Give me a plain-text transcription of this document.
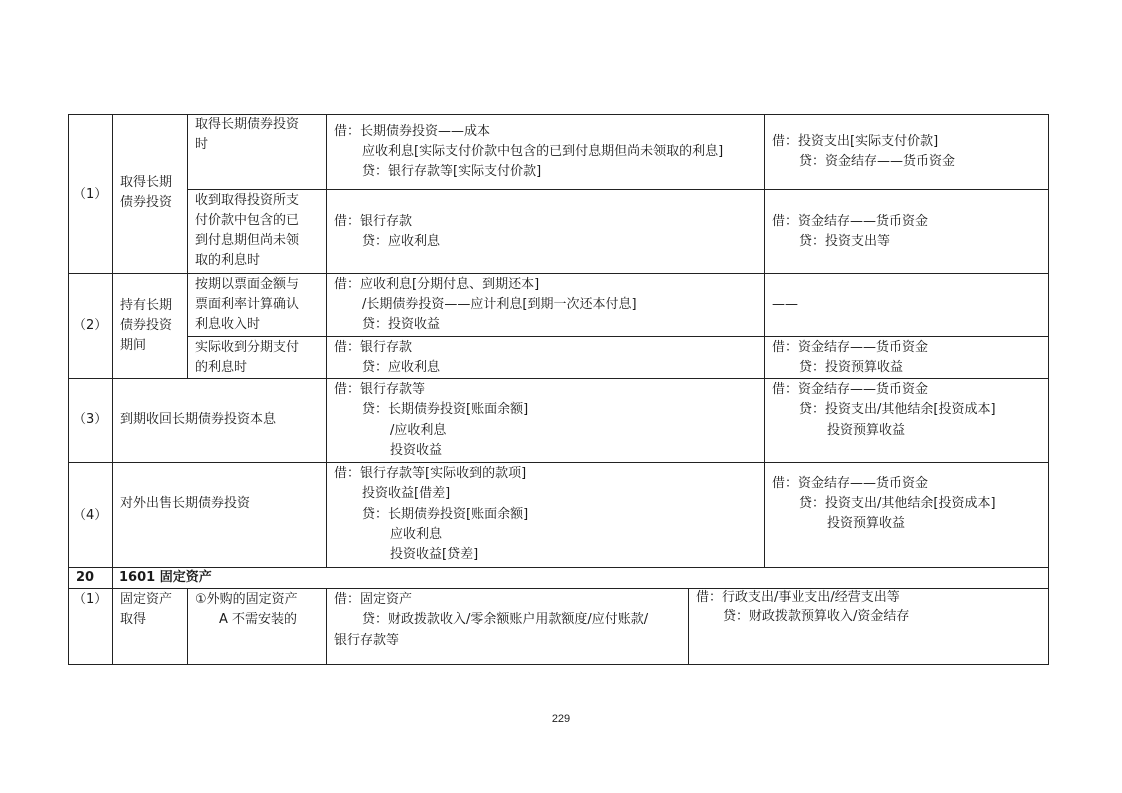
（1）
取得长期
债券投资
取得长期债券投资
时
借：长期债券投资——成本
应收利息[实际支付价款中包含的已到付息期但尚未领取的利息]
贷：银行存款等[实际支付价款]
借：投资支出[实际支付价款]
贷：资金结存——货币资金
收到取得投资所支
付价款中包含的已
到付息期但尚未领
取的利息时
借：银行存款
贷：应收利息
借：资金结存——货币资金
贷：投资支出等
（2）
持有长期
债券投资
期间
按期以票面金额与
票面利率计算确认
利息收入时
借：应收利息[分期付息、到期还本]
/长期债券投资——应计利息[到期一次还本付息]
贷：投资收益
——
实际收到分期支付
的利息时
借：银行存款
贷：应收利息
借：资金结存——货币资金
贷：投资预算收益
（3） 到期收回长期债券投资本息
借：银行存款等
贷：长期债券投资[账面余额]
/应收利息
投资收益
借：资金结存——货币资金
贷：投资支出/其他结余[投资成本]
投资预算收益
（4）
对外出售长期债券投资
借：银行存款等[实际收到的款项]
投资收益[借差]
贷：长期债券投资[账面余额]
应收利息
投资收益[贷差]
借：资金结存——货币资金
贷：投资支出/其他结余[投资成本]
投资预算收益
20 1601 固定资产
（1） 固定资产
取得
①外购的固定资产
A 不需安装的
借：固定资产
贷：财政拨款收入/零余额账户用款额度/应付账款/
银行存款等
借：行政支出/事业支出/经营支出等
贷：财政拨款预算收入/资金结存
229
